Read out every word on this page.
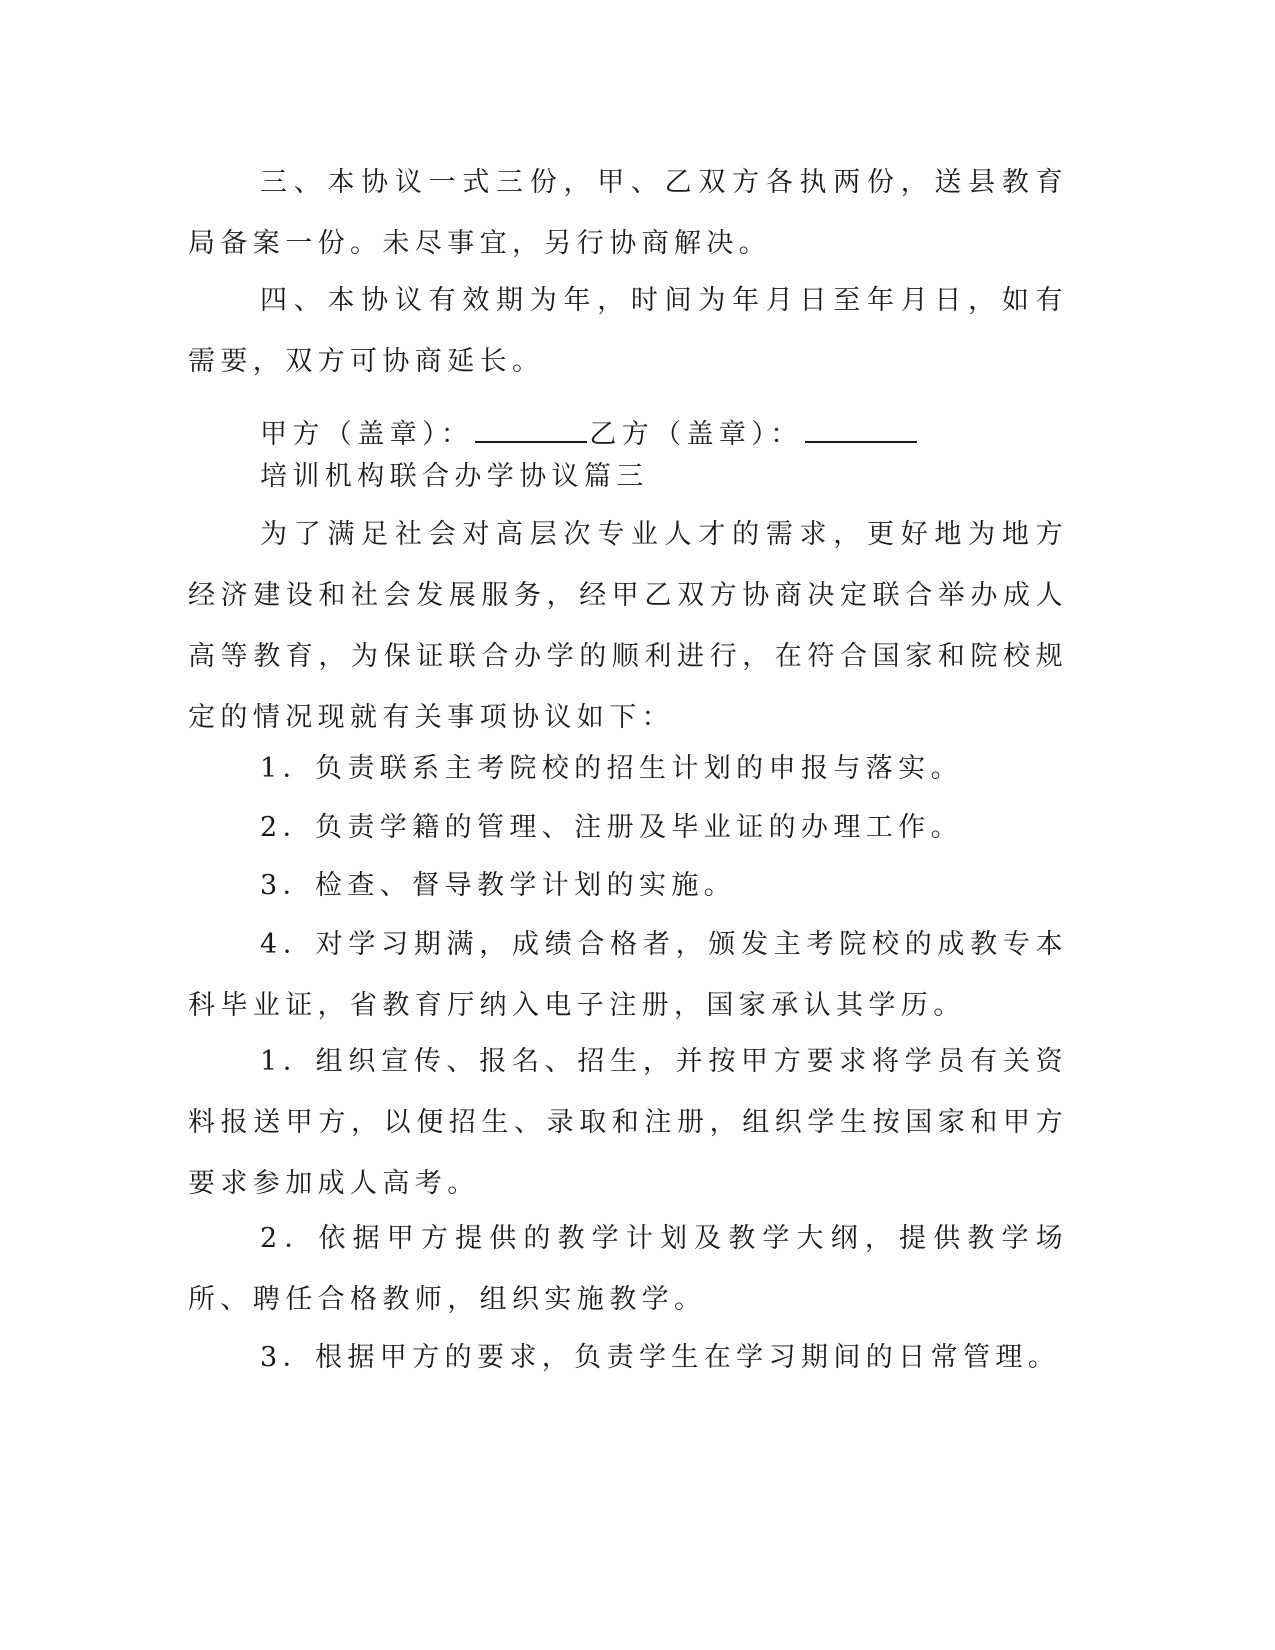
三、本协议一式三份，甲、乙双方各执两份，送县教育局备案一份。未尽事宜，另行协商解决。

四、本协议有效期为年，时间为年月日至年月日，如有需要，双方可协商延长。

甲方（盖章）：	乙方（盖章）：

培训机构联合办学协议篇三

为了满足社会对高层次专业人才的需求，更好地为地方经济建设和社会发展服务，经甲乙双方协商决定联合举办成人高等教育，为保证联合办学的顺利进行，在符合国家和院校规定的情况现就有关事项协议如下：

1．负责联系主考院校的招生计划的申报与落实。

2．负责学籍的管理、注册及毕业证的办理工作。

3．检查、督导教学计划的实施。

4．对学习期满，成绩合格者，颁发主考院校的成教专本科毕业证，省教育厅纳入电子注册，国家承认其学历。

1．组织宣传、报名、招生，并按甲方要求将学员有关资料报送甲方，以便招生、录取和注册，组织学生按国家和甲方要求参加成人高考。

2．依据甲方提供的教学计划及教学大纲，提供教学场所、聘任合格教师，组织实施教学。

3．根据甲方的要求，负责学生在学习期间的日常管理。
